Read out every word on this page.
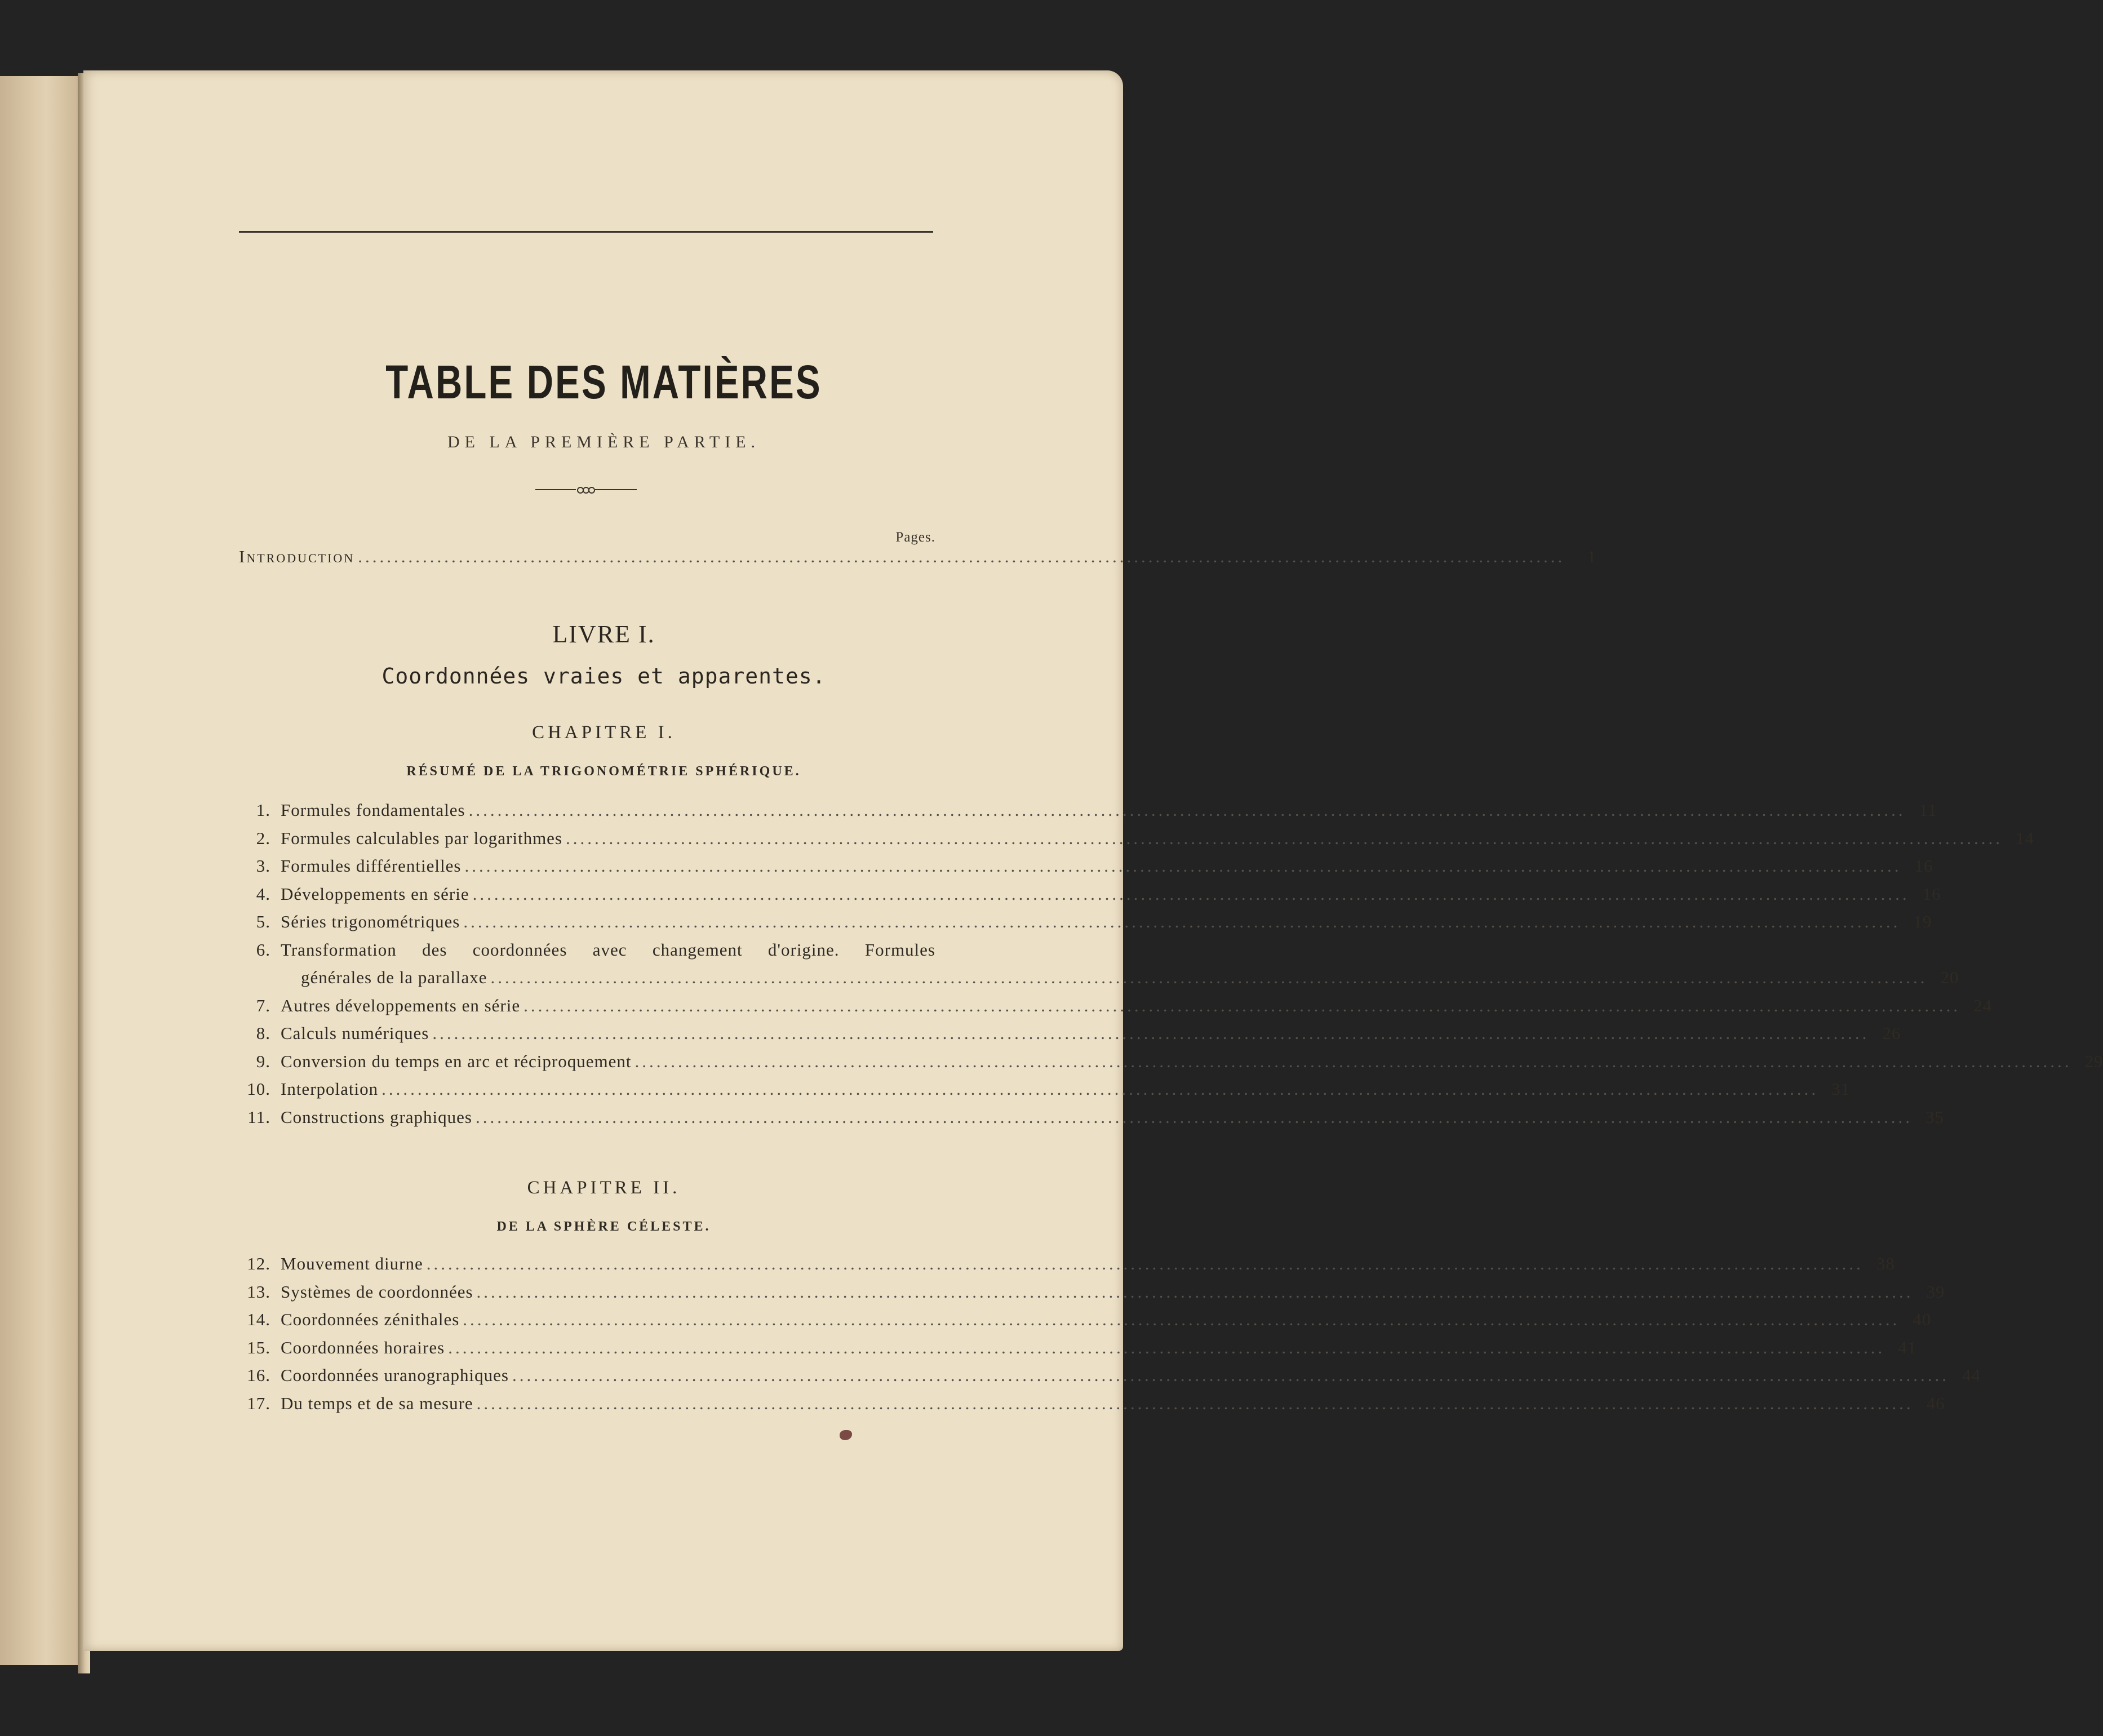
TABLE DES MATIÈRES
DE LA PREMIÈRE PARTIE.
Pages.
Introduction ........................................................................................................................................................................	1
LIVRE I.
Coordonnées vraies et apparentes.
CHAPITRE I.
RÉSUMÉ DE LA TRIGONOMÉTRIE SPHÉRIQUE.
1. Formules fondamentales ........................................................................................................................................................................................................ 11
2. Formules calculables par logarithmes ........................................................................................................................................................................................................ 14
3. Formules différentielles ........................................................................................................................................................................................................ 16
4. Développements en série ........................................................................................................................................................................................................ 16
5. Séries trigonométriques ........................................................................................................................................................................................................ 19
6. Transformation des coordonnées avec changement d'origine. Formules
générales de la parallaxe ........................................................................................................................................................................................................ 20
7. Autres développements en série ........................................................................................................................................................................................................ 24
8. Calculs numériques ........................................................................................................................................................................................................ 26
9. Conversion du temps en arc et réciproquement ........................................................................................................................................................................................................ 29
10. Interpolation ........................................................................................................................................................................................................ 31
11. Constructions graphiques ........................................................................................................................................................................................................ 35
CHAPITRE II.
DE LA SPHÈRE CÉLESTE.
12. Mouvement diurne ........................................................................................................................................................................................................ 38
13. Systèmes de coordonnées ........................................................................................................................................................................................................ 39
14. Coordonnées zénithales ........................................................................................................................................................................................................ 40
15. Coordonnées horaires ........................................................................................................................................................................................................ 41
16. Coordonnées uranographiques ........................................................................................................................................................................................................ 44
17. Du temps et de sa mesure ........................................................................................................................................................................................................ 46
